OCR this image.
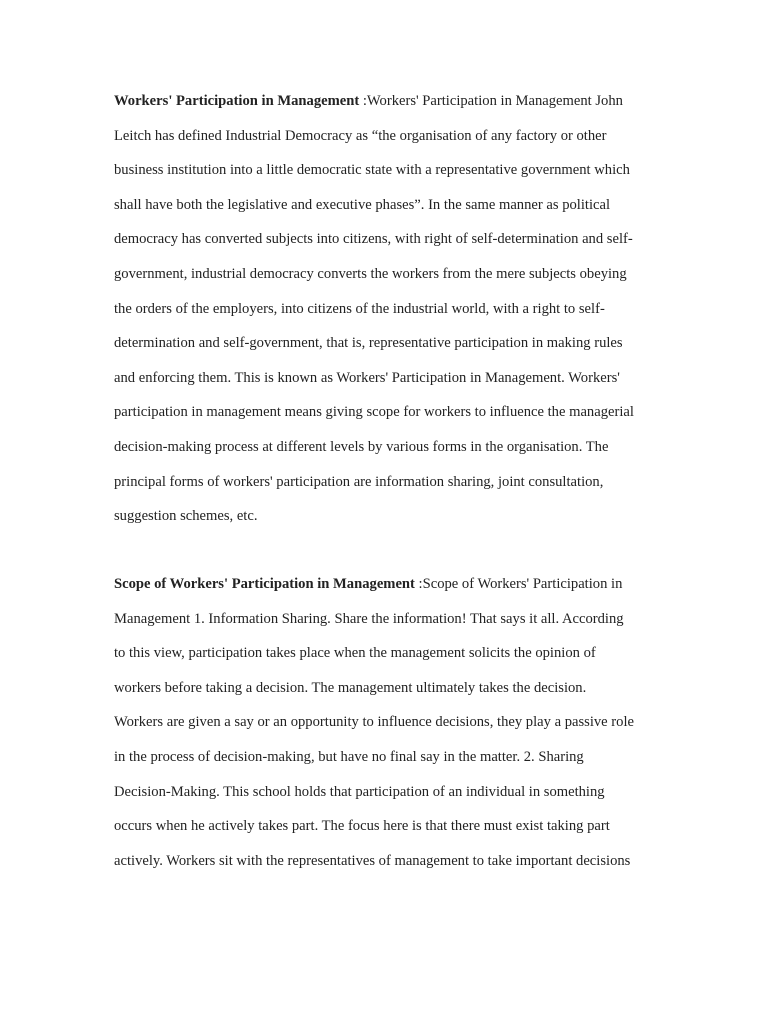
Workers' Participation in Management :Workers' Participation in Management John
Leitch has defined Industrial Democracy as “the organisation of any factory or other
business institution into a little democratic state with a representative government which
shall have both the legislative and executive phases”. In the same manner as political
democracy has converted subjects into citizens, with right of self-determination and self-
government, industrial democracy converts the workers from the mere subjects obeying
the orders of the employers, into citizens of the industrial world, with a right to self-
determination and self-government, that is, representative participation in making rules
and enforcing them. This is known as Workers' Participation in Management. Workers'
participation in management means giving scope for workers to influence the managerial
decision-making process at different levels by various forms in the organisation. The
principal forms of workers' participation are information sharing, joint consultation,
suggestion schemes, etc.

Scope of Workers' Participation in Management :Scope of Workers' Participation in
Management 1. Information Sharing. Share the information! That says it all. According
to this view, participation takes place when the management solicits the opinion of
workers before taking a decision. The management ultimately takes the decision.
Workers are given a say or an opportunity to influence decisions, they play a passive role
in the process of decision-making, but have no final say in the matter. 2. Sharing
Decision-Making. This school holds that participation of an individual in something
occurs when he actively takes part. The focus here is that there must exist taking part
actively. Workers sit with the representatives of management to take important decisions
